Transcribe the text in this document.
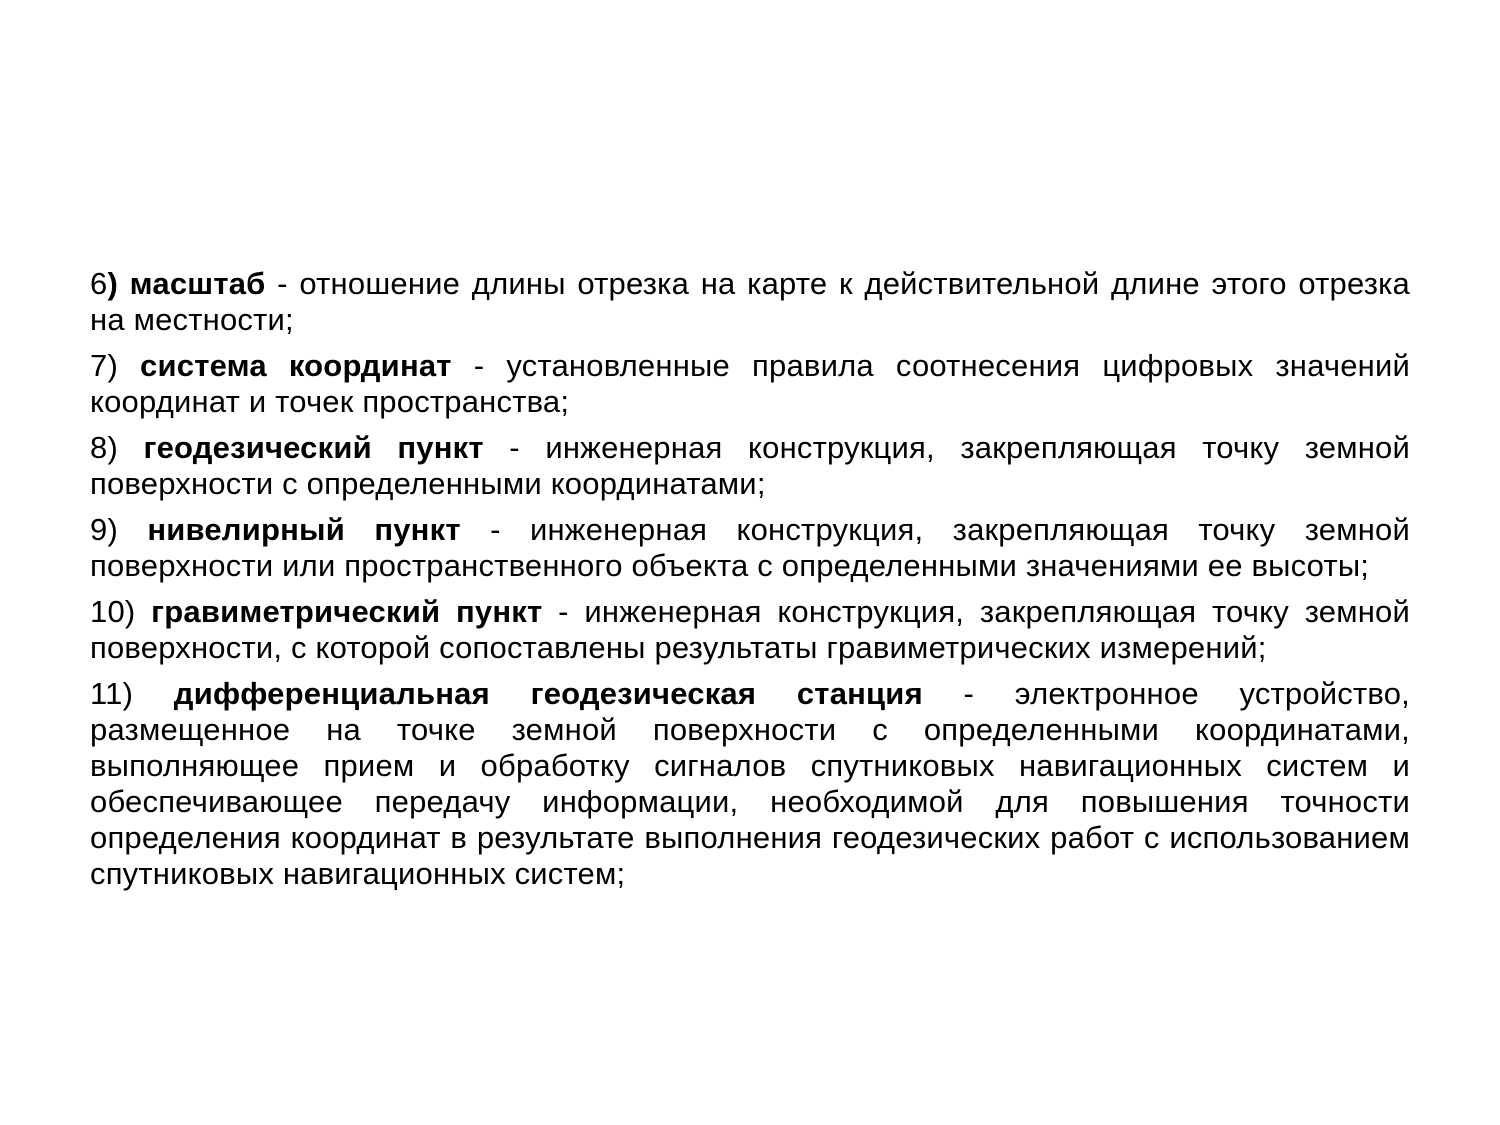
6) масштаб - отношение длины отрезка на карте к действительной длине этого отрезка на местности;

7) система координат - установленные правила соотнесения цифровых значений координат и точек пространства;

8) геодезический пункт - инженерная конструкция, закрепляющая точку земной поверхности с определенными координатами;

9) нивелирный пункт - инженерная конструкция, закрепляющая точку земной поверхности или пространственного объекта с определенными значениями ее высоты;

10) гравиметрический пункт - инженерная конструкция, закрепляющая точку земной поверхности, с которой сопоставлены результаты гравиметрических измерений;

11) дифференциальная геодезическая станция - электронное устройство, размещенное на точке земной поверхности с определенными координатами, выполняющее прием и обработку сигналов спутниковых навигационных систем и обеспечивающее передачу информации, необходимой для повышения точности определения координат в результате выполнения геодезических работ с использованием спутниковых навигационных систем;
